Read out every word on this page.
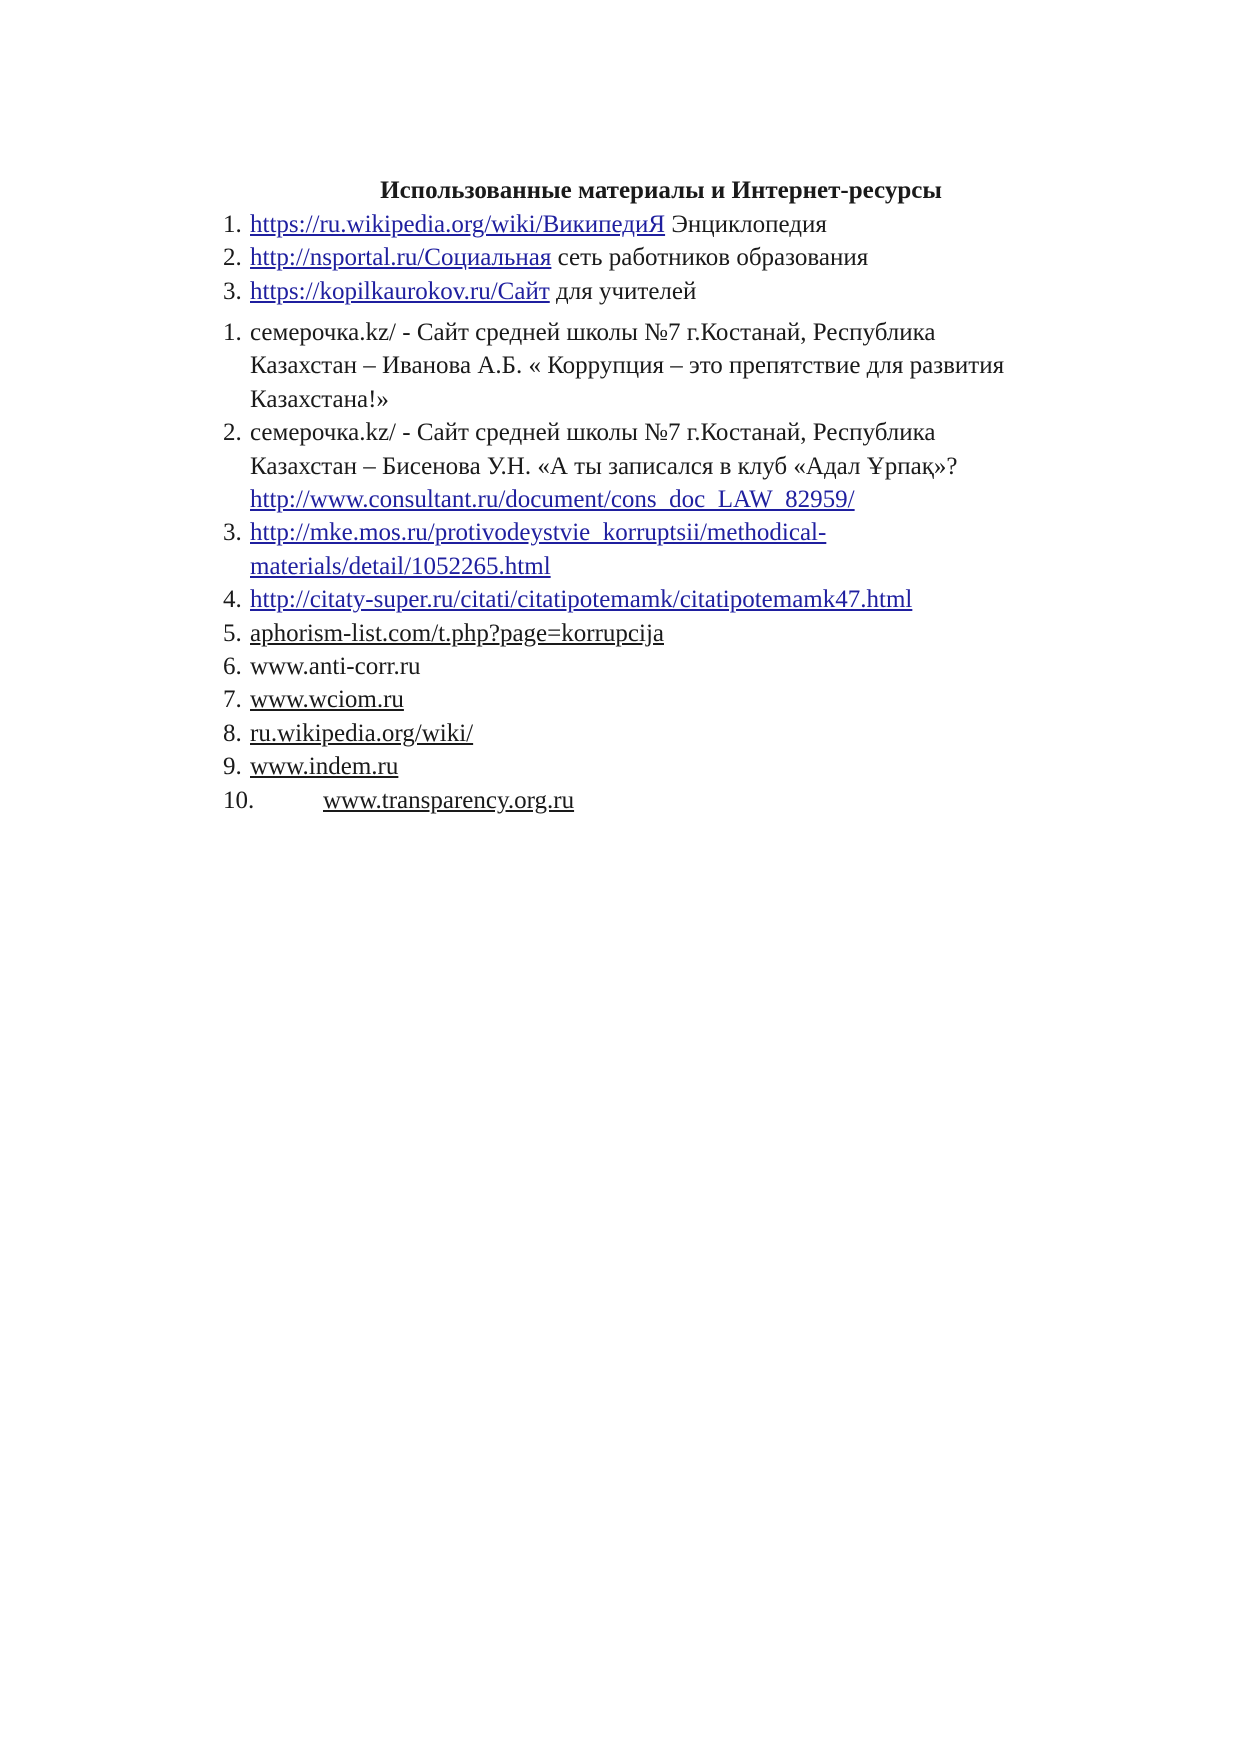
Использованные материалы и Интернет-ресурсы
1. https://ru.wikipedia.org/wiki/ВикипедиЯ Энциклопедия
2. http://nsportal.ru/Социальная сеть работников образования
3. https://kopilkaurokov.ru/Сайт для учителей
1. семерочка.kz/ - Сайт средней школы №7 г.Костанай, Республика
Казахстан – Иванова А.Б. « Коррупция – это препятствие для развития
Казахстана!»
2. семерочка.kz/ - Сайт средней школы №7 г.Костанай, Республика
Казахстан – Бисенова У.Н. «А ты записался в клуб «Адал Ұрпақ»?
http://www.consultant.ru/document/cons_doc_LAW_82959/
3. http://mke.mos.ru/protivodeystvie_korruptsii/methodical-
materials/detail/1052265.html
4. http://citaty-super.ru/citati/citatipotemamk/citatipotemamk47.html
5. aphorism-list.com/t.php?page=korrupcija
6. www.anti-corr.ru
7. www.wciom.ru
8. ru.wikipedia.org/wiki/
9. www.indem.ru
10.	www.transparency.org.ru
